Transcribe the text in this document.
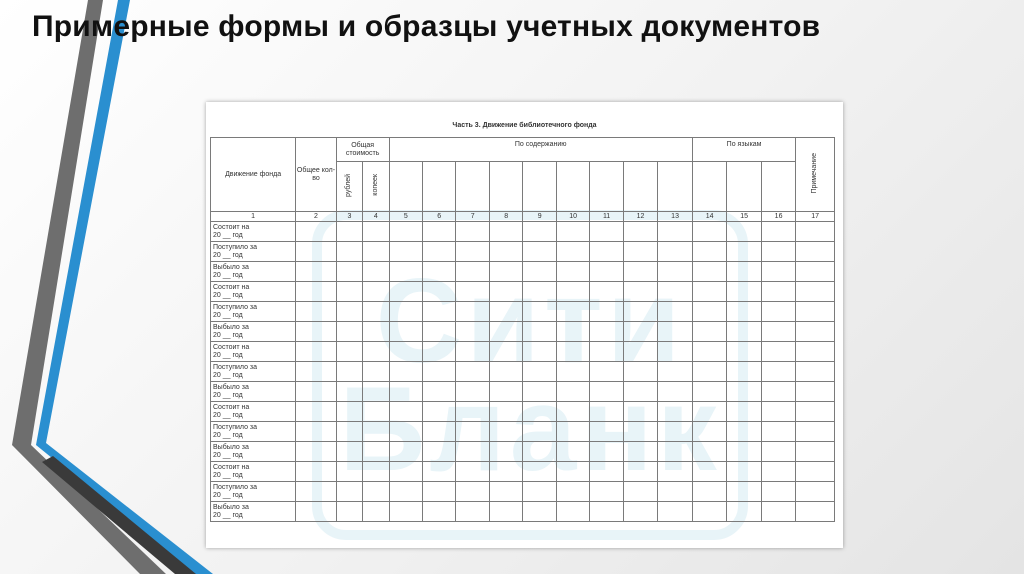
Примерные формы и образцы учетных документов
Сити
Бланк
Часть 3. Движение библиотечного фонда
Движение фонда	Общее кол-во	Общая стоимость		По содержанию									По языкам			Примечание
		рублей	копеек													
1	2	3	4	5	6	7	8	9	10	11	12	13	14	15	16	17
Состоит на
20 __ год																
Поступило за
20 __ год																
Выбыло за
20 __ год																
Состоит на
20 __ год																
Поступило за
20 __ год																
Выбыло за
20 __ год																
Состоит на
20 __ год																
Поступило за
20 __ год																
Выбыло за
20 __ год																
Состоит на
20 __ год																
Поступило за
20 __ год																
Выбыло за
20 __ год																
Состоит на
20 __ год																
Поступило за
20 __ год																
Выбыло за
20 __ год																
